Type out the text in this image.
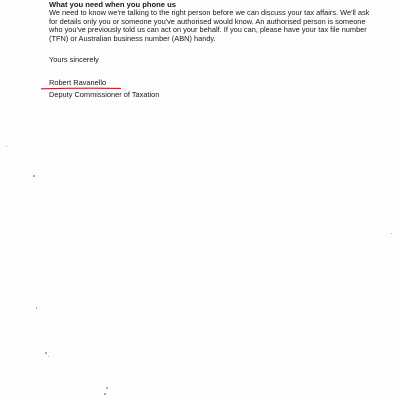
What you need when you phone us

We need to know we're talking to the right person before we can discuss your tax affairs. We'll ask
for details only you or someone you've authorised would know. An authorised person is someone
who you've previously told us can act on your behalf. If you can, please have your tax file number
(TFN) or Australian business number (ABN) handy.

Yours sincerely
Robert Ravanello
Deputy Commissioner of Taxation
